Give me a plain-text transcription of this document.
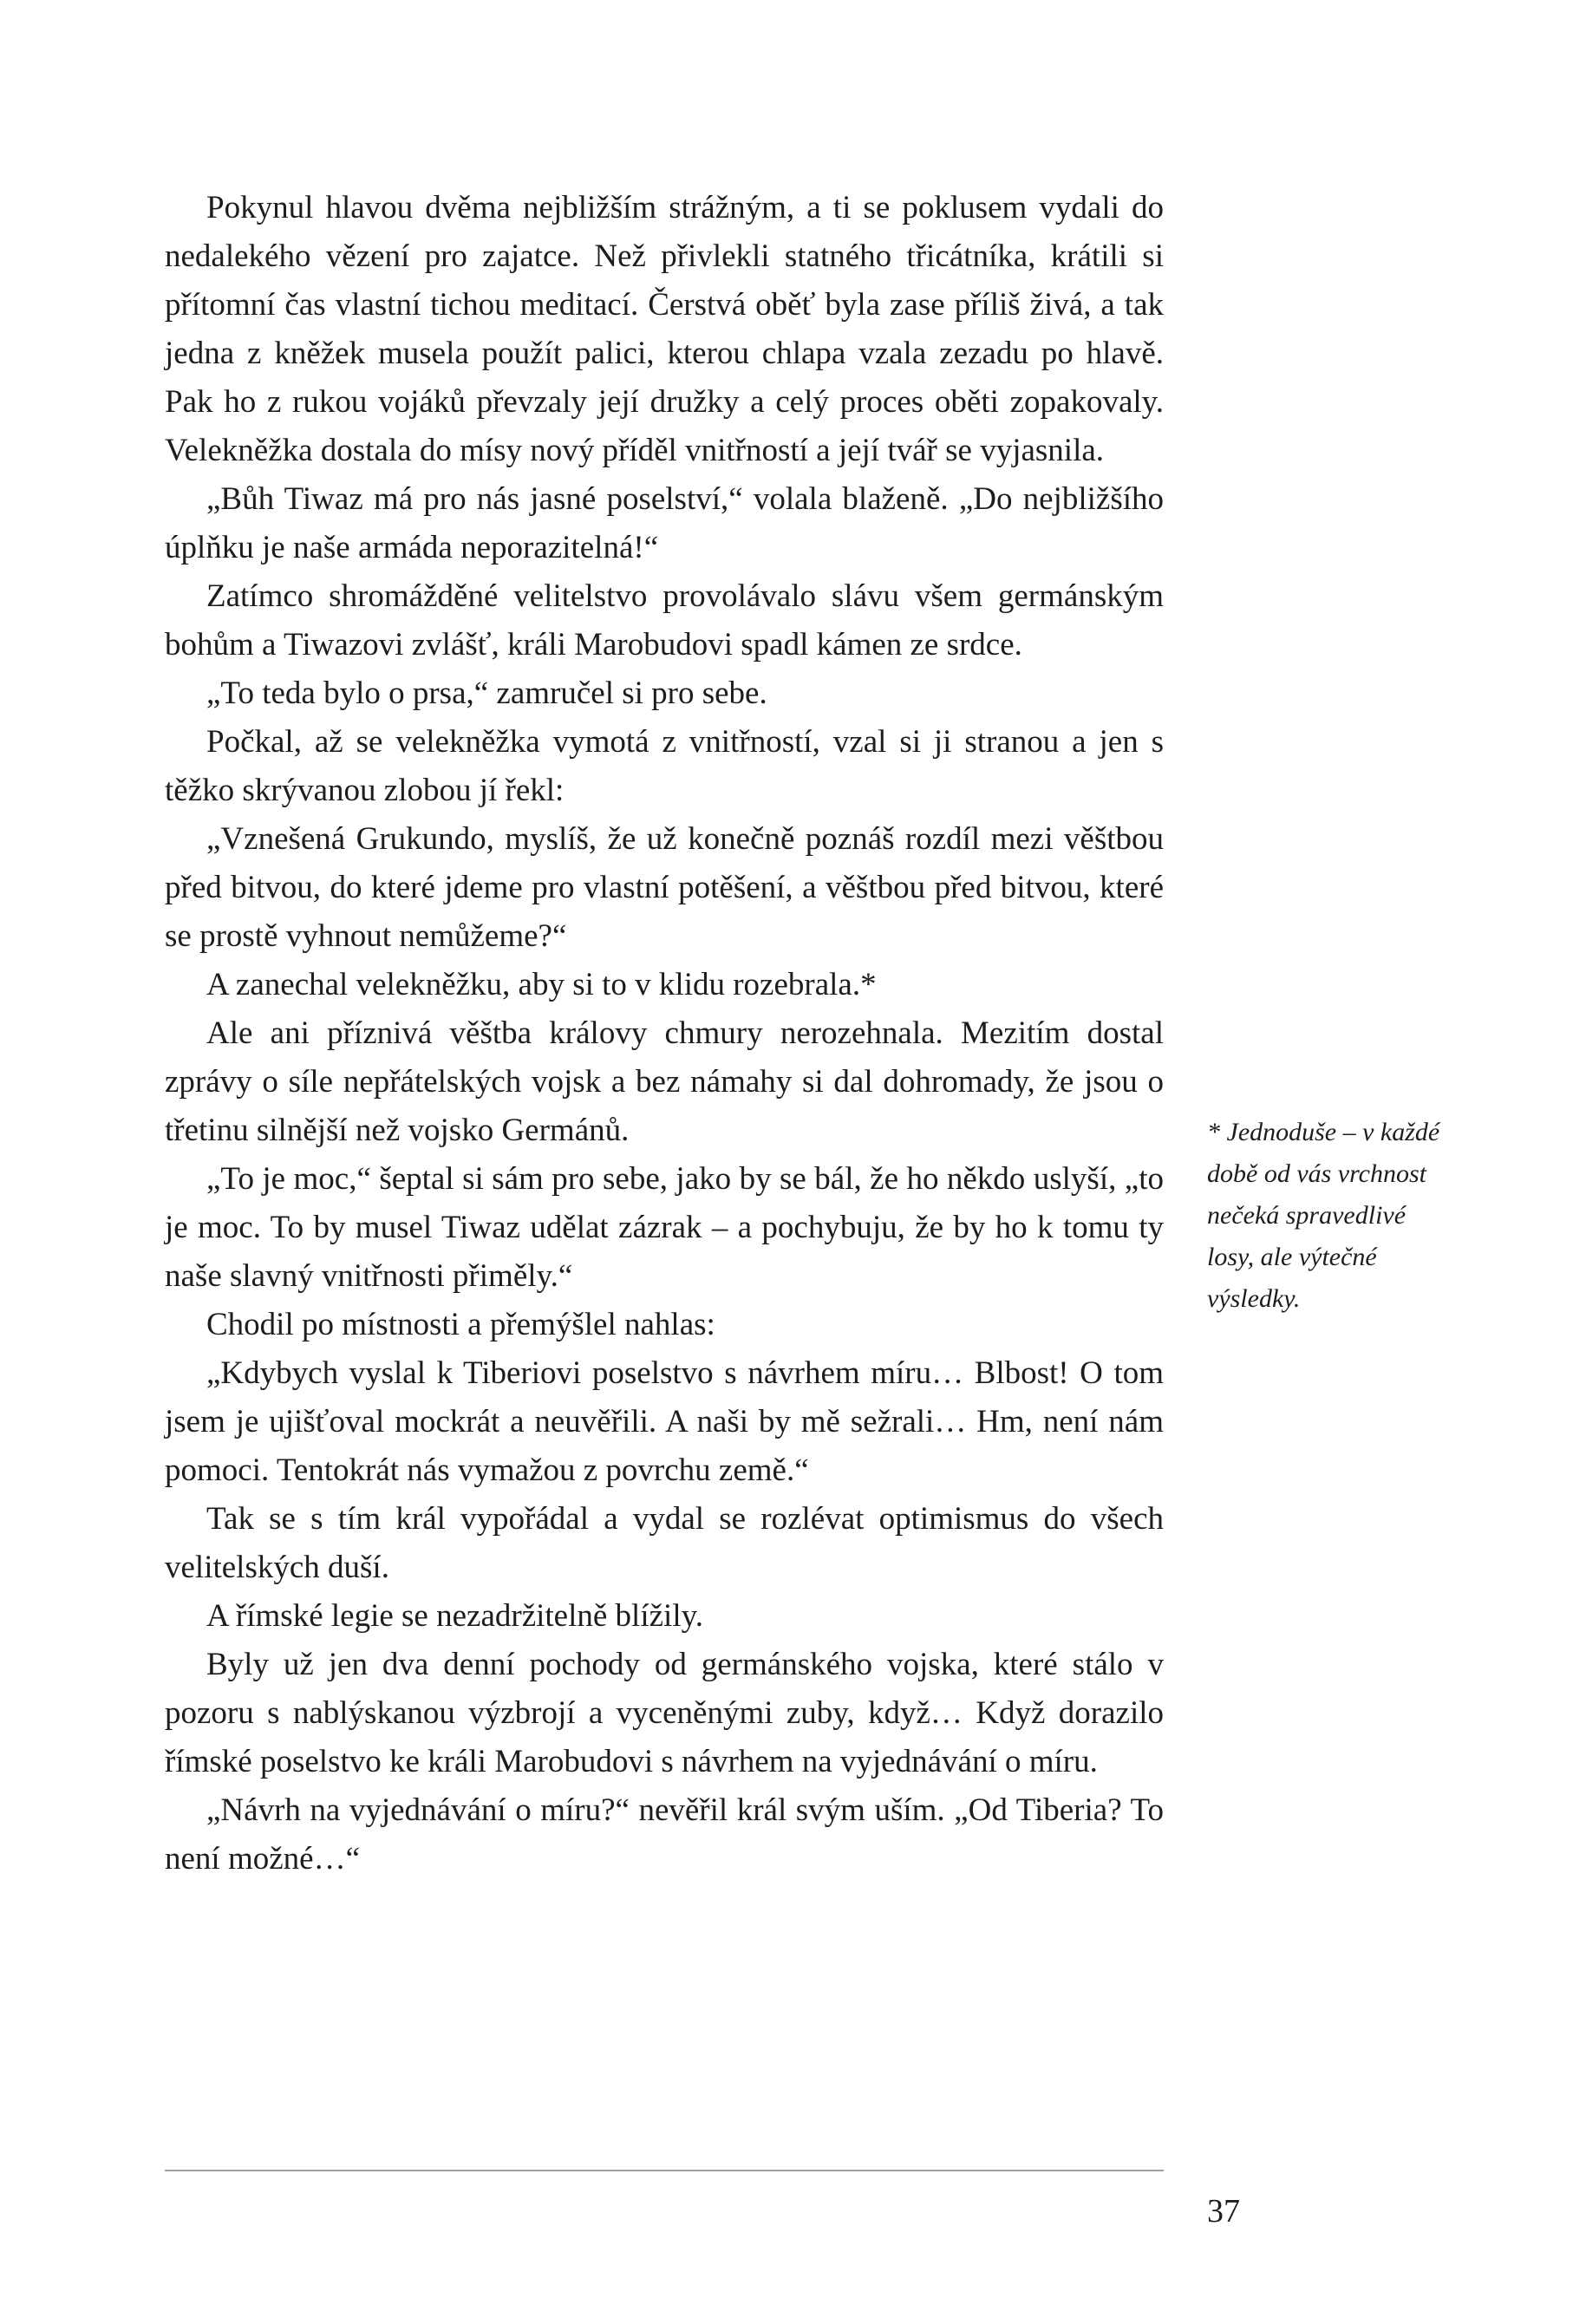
Pokynul hlavou dvěma nejbližším strážným, a ti se poklusem vydali do nedalekého vězení pro zajatce. Než přivlekli statného třicátníka, krátili si přítomní čas vlastní tichou meditací. Čerstvá oběť byla zase příliš živá, a tak jedna z kněžek musela použít palici, kterou chlapa vzala zezadu po hlavě. Pak ho z rukou vojáků převzaly její družky a celý proces oběti zopakovaly. Velekněžka dostala do mísy nový příděl vnitřností a její tvář se vyjasnila.

„Bůh Tiwaz má pro nás jasné poselství,“ volala blaženě. „Do nejbližšího úplňku je naše armáda neporazitelná!“

Zatímco shromážděné velitelstvo provolávalo slávu všem germánským bohům a Tiwazovi zvlášť, králi Marobudovi spadl kámen ze srdce.

„To teda bylo o prsa,“ zamručel si pro sebe.

Počkal, až se velekněžka vymotá z vnitřností, vzal si ji stranou a jen s těžko skrývanou zlobou jí řekl:

„Vznešená Grukundo, myslíš, že už konečně poznáš rozdíl mezi věštbou před bitvou, do které jdeme pro vlastní potěšení, a věštbou před bitvou, které se prostě vyhnout nemůžeme?“

A zanechal velekněžku, aby si to v klidu rozebrala.*

Ale ani příznivá věštba královy chmury nerozehnala. Mezitím dostal zprávy o síle nepřátelských vojsk a bez námahy si dal dohromady, že jsou o třetinu silnější než vojsko Germánů.

„To je moc,“ šeptal si sám pro sebe, jako by se bál, že ho někdo uslyší, „to je moc. To by musel Tiwaz udělat zázrak – a pochybuju, že by ho k tomu ty naše slavný vnitřnosti přiměly.“

Chodil po místnosti a přemýšlel nahlas:

„Kdybych vyslal k Tiberiovi poselstvo s návrhem míru… Blbost! O tom jsem je ujišťoval mockrát a neuvěřili. A naši by mě sežrali… Hm, není nám pomoci. Tentokrát nás vymažou z povrchu země.“

Tak se s tím král vypořádal a vydal se rozlévat optimismus do všech velitelských duší.

A římské legie se nezadržitelně blížily.

Byly už jen dva denní pochody od germánského vojska, které stálo v pozoru s nablýskanou výzbrojí a vyceněnými zuby, když… Když dorazilo římské poselstvo ke králi Marobudovi s návrhem na vyjednávání o míru.

„Návrh na vyjednávání o míru?“ nevěřil král svým uším. „Od Tiberia? To není možné…“

* Jednoduše – v každé době od vás vrchnost nečeká spravedlivé losy, ale výtečné výsledky.
37
